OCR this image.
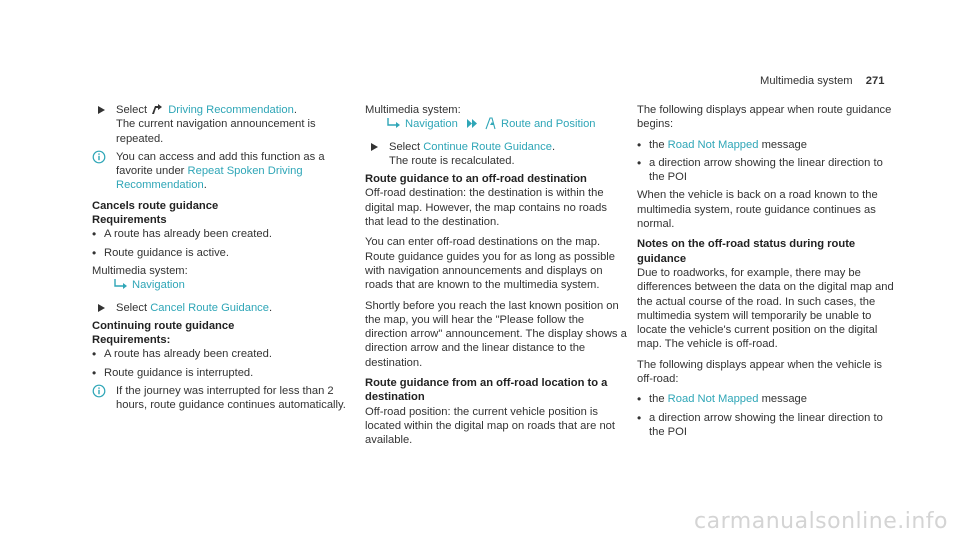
Multimedia system 271
Select Driving Recommendation.
The current navigation announcement is repeated.
You can access and add this function as a favorite under Repeat Spoken Driving Recommendation.
Cancels route guidance
Requirements
• A route has already been created.
• Route guidance is active.
Multimedia system:
Navigation
Select Cancel Route Guidance.
Continuing route guidance
Requirements:
• A route has already been created.
• Route guidance is interrupted.
If the journey was interrupted for less than 2 hours, route guidance continues automatically.
Multimedia system:
Navigation	Route and Position
Select Continue Route Guidance.
The route is recalculated.
Route guidance to an off-road destination
Off-road destination: the destination is within the digital map. However, the map contains no roads that lead to the destination.
You can enter off-road destinations on the map. Route guidance guides you for as long as possible with navigation announcements and displays on roads that are known to the multimedia system.
Shortly before you reach the last known position on the map, you will hear the "Please follow the direction arrow" announcement. The display shows a direction arrow and the linear distance to the destination.
Route guidance from an off-road location to a destination
Off-road position: the current vehicle position is located within the digital map on roads that are not available.
The following displays appear when route guidance begins:
• the Road Not Mapped message
• a direction arrow showing the linear direction to the POI
When the vehicle is back on a road known to the multimedia system, route guidance continues as normal.
Notes on the off-road status during route guidance
Due to roadworks, for example, there may be differences between the data on the digital map and the actual course of the road. In such cases, the multimedia system will temporarily be unable to locate the vehicle's current position on the digital map. The vehicle is off-road.
The following displays appear when the vehicle is off-road:
• the Road Not Mapped message
• a direction arrow showing the linear direction to the POI
carmanualsonline.info
